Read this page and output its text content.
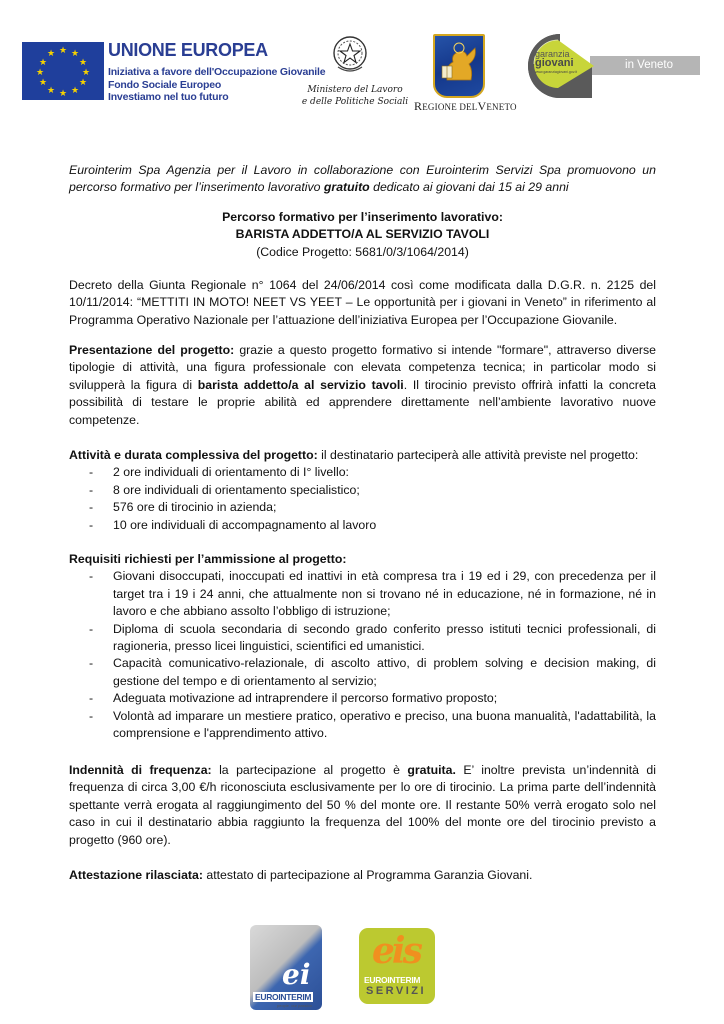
★ ★
★
★
★
★
★
★
★
★
★
★	UNIONE EUROPEA
Iniziativa a favore dell'Occupazione Giovanile
Fondo Sociale Europeo
Investiamo nel tuo futuro
Ministero del Lavoro
e delle Politiche Sociali REGIONE DELVENETO
in Veneto
garanzia
giovani
www.garanziagiovani.gov.it
Eurointerim Spa Agenzia per il Lavoro in collaborazione con Eurointerim Servizi Spa promuovono un percorso formativo per l’inserimento lavorativo gratuito dedicato ai giovani dai 15 ai 29 anni
Percorso formativo per l’inserimento lavorativo:
BARISTA ADDETTO/A AL SERVIZIO TAVOLI
(Codice Progetto: 5681/0/3/1064/2014)
Decreto della Giunta Regionale n° 1064 del 24/06/2014 così come modificata dalla D.G.R. n. 2125 del 10/11/2014: “METTITI IN MOTO! NEET VS YEET – Le opportunità per i giovani in Veneto” in riferimento al Programma Operativo Nazionale per l’attuazione dell’iniziativa Europea per l’Occupazione Giovanile.
Presentazione del progetto: grazie a questo progetto formativo si intende "formare", attraverso diverse tipologie di attività, una figura professionale con elevata competenza tecnica; in particolar modo si svilupperà la figura di barista addetto/a al servizio tavoli. Il tirocinio previsto offrirà infatti la concreta possibilità di testare le proprie abilità ed apprendere direttamente nell’ambiente lavorativo nuove competenze.
Attività e durata complessiva del progetto: il destinatario parteciperà alle attività previste nel progetto:
- 2 ore individuali di orientamento di I° livello:
- 8 ore individuali di orientamento specialistico;
- 576 ore di tirocinio in azienda;
- 10 ore individuali di accompagnamento al lavoro
Requisiti richiesti per l’ammissione al progetto:
- Giovani disoccupati, inoccupati ed inattivi in età compresa tra i 19 ed i 29, con precedenza per il target tra i 19 i 24 anni, che attualmente non si trovano né in educazione, né in formazione, né in lavoro e che abbiano assolto l’obbligo di istruzione;
- Diploma di scuola secondaria di secondo grado conferito presso istituti tecnici professionali, di ragioneria, presso licei linguistici, scientifici ed umanistici.
- Capacità comunicativo-relazionale, di ascolto attivo, di problem solving e decision making, di gestione del tempo e di orientamento al servizio;
- Adeguata motivazione ad intraprendere il percorso formativo proposto;
- Volontà ad imparare un mestiere pratico, operativo e preciso, una buona manualità, l'adattabilità, la comprensione e l'apprendimento attivo.
Indennità di frequenza: la partecipazione al progetto è gratuita. E’ inoltre prevista un’indennità di frequenza di circa 3,00 €/h riconosciuta esclusivamente per lo ore di tirocinio. La prima parte dell’indennità spettante verrà erogata al raggiungimento del 50 % del monte ore. Il restante 50% verrà erogato solo nel caso in cui il destinatario abbia raggiunto la frequenza del 100% del monte ore del tirocinio previsto a progetto (960 ore).
Attestazione rilasciata: attestato di partecipazione al Programma Garanzia Giovani.
ei
EUROINTERIM
people, our passion
eis
EUROINTERIM
SERVIZI
